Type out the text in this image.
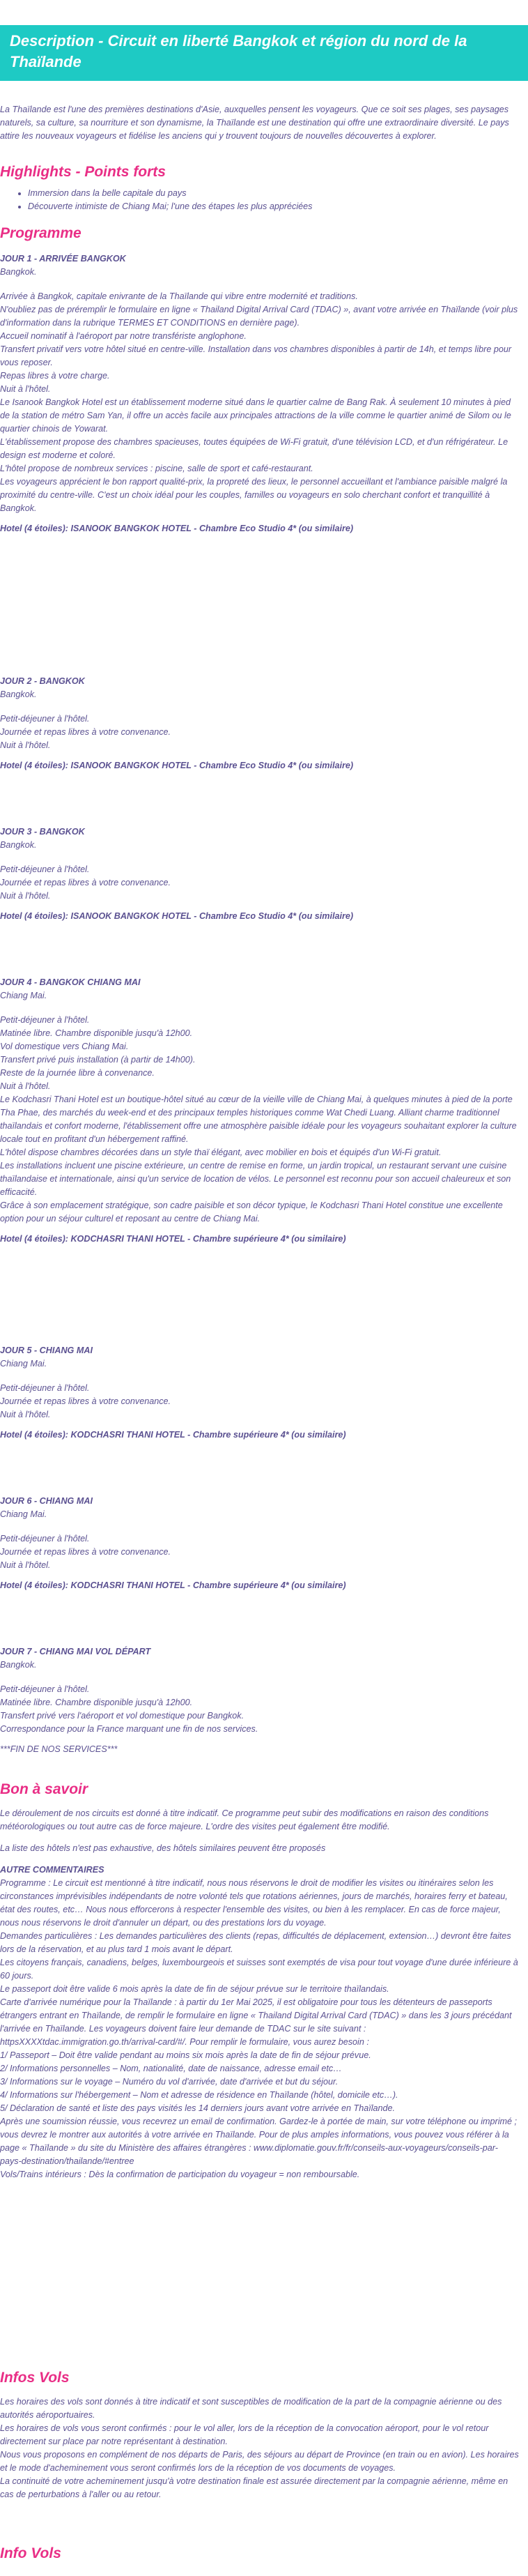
Description - Circuit en liberté Bangkok et région du nord de la Thaïlande

La Thaïlande est l'une des premières destinations d'Asie, auxquelles pensent les voyageurs. Que ce soit ses plages, ses paysages naturels, sa culture, sa nourriture et son dynamisme, la Thaïlande est une destination qui offre une extraordinaire diversité. Le pays attire les nouveaux voyageurs et fidélise les anciens qui y trouvent toujours de nouvelles découvertes à explorer.

Highlights - Points forts
• Immersion dans la belle capitale du pays
• Découverte intimiste de Chiang Mai; l'une des étapes les plus appréciées
Programme
JOUR 1 - ARRIVÉE BANGKOK
Bangkok.
Arrivée à Bangkok, capitale enivrante de la Thaïlande qui vibre entre modernité et traditions.
N'oubliez pas de préremplir le formulaire en ligne « Thailand Digital Arrival Card (TDAC) », avant votre arrivée en Thaïlande (voir plus d'information dans la rubrique TERMES ET CONDITIONS en dernière page).
Accueil nominatif à l'aéroport par notre transfériste anglophone.
Transfert privatif vers votre hôtel situé en centre-ville. Installation dans vos chambres disponibles à partir de 14h, et temps libre pour vous reposer.
Repas libres à votre charge.
Nuit à l'hôtel.
Le Isanook Bangkok Hotel est un établissement moderne situé dans le quartier calme de Bang Rak. À seulement 10 minutes à pied de la station de métro Sam Yan, il offre un accès facile aux principales attractions de la ville comme le quartier animé de Silom ou le quartier chinois de Yowarat.
L'établissement propose des chambres spacieuses, toutes équipées de Wi-Fi gratuit, d'une télévision LCD, et d'un réfrigérateur. Le design est moderne et coloré.
L'hôtel propose de nombreux services : piscine, salle de sport et café-restaurant.
Les voyageurs apprécient le bon rapport qualité-prix, la propreté des lieux, le personnel accueillant et l'ambiance paisible malgré la proximité du centre-ville. C'est un choix idéal pour les couples, familles ou voyageurs en solo cherchant confort et tranquillité à Bangkok.
Hotel (4 étoiles): ISANOOK BANGKOK HOTEL - Chambre Eco Studio 4* (ou similaire)
JOUR 2 - BANGKOK
Bangkok.
Petit-déjeuner à l'hôtel.
Journée et repas libres à votre convenance.
Nuit à l'hôtel.
Hotel (4 étoiles): ISANOOK BANGKOK HOTEL - Chambre Eco Studio 4* (ou similaire)
JOUR 3 - BANGKOK
Bangkok.
Petit-déjeuner à l'hôtel.
Journée et repas libres à votre convenance.
Nuit à l'hôtel.
Hotel (4 étoiles): ISANOOK BANGKOK HOTEL - Chambre Eco Studio 4* (ou similaire)
JOUR 4 - BANGKOK CHIANG MAI
Chiang Mai.
Petit-déjeuner à l'hôtel.
Matinée libre. Chambre disponible jusqu'à 12h00.
Vol domestique vers Chiang Mai.
Transfert privé puis installation (à partir de 14h00).
Reste de la journée libre à convenance.
Nuit à l'hôtel.
Le Kodchasri Thani Hotel est un boutique-hôtel situé au cœur de la vieille ville de Chiang Mai, à quelques minutes à pied de la porte Tha Phae, des marchés du week-end et des principaux temples historiques comme Wat Chedi Luang. Alliant charme traditionnel thaïlandais et confort moderne, l'établissement offre une atmosphère paisible idéale pour les voyageurs souhaitant explorer la culture locale tout en profitant d'un hébergement raffiné.
L'hôtel dispose chambres décorées dans un style thaï élégant, avec mobilier en bois et équipés d'un Wi-Fi gratuit.
Les installations incluent une piscine extérieure, un centre de remise en forme, un jardin tropical, un restaurant servant une cuisine thaïlandaise et internationale, ainsi qu'un service de location de vélos. Le personnel est reconnu pour son accueil chaleureux et son efficacité.
Grâce à son emplacement stratégique, son cadre paisible et son décor typique, le Kodchasri Thani Hotel constitue une excellente option pour un séjour culturel et reposant au centre de Chiang Mai.
Hotel (4 étoiles): KODCHASRI THANI HOTEL - Chambre supérieure 4* (ou similaire)
JOUR 5 - CHIANG MAI
Chiang Mai.
Petit-déjeuner à l'hôtel.
Journée et repas libres à votre convenance.
Nuit à l'hôtel.
Hotel (4 étoiles): KODCHASRI THANI HOTEL - Chambre supérieure 4* (ou similaire)
JOUR 6 - CHIANG MAI
Chiang Mai.
Petit-déjeuner à l'hôtel.
Journée et repas libres à votre convenance.
Nuit à l'hôtel.
Hotel (4 étoiles): KODCHASRI THANI HOTEL - Chambre supérieure 4* (ou similaire)
JOUR 7 - CHIANG MAI VOL DÉPART
Bangkok.
Petit-déjeuner à l'hôtel.
Matinée libre. Chambre disponible jusqu'à 12h00.
Transfert privé vers l'aéroport et vol domestique pour Bangkok.
Correspondance pour la France marquant une fin de nos services.
***FIN DE NOS SERVICES***
Bon à savoir
Le déroulement de nos circuits est donné à titre indicatif. Ce programme peut subir des modifications en raison des conditions météorologiques ou tout autre cas de force majeure. L'ordre des visites peut également être modifié.
La liste des hôtels n'est pas exhaustive, des hôtels similaires peuvent être proposés
AUTRE COMMENTAIRES
Programme : Le circuit est mentionné à titre indicatif, nous nous réservons le droit de modifier les visites ou itinéraires selon les circonstances imprévisibles indépendants de notre volonté tels que rotations aériennes, jours de marchés, horaires ferry et bateau, état des routes, etc… Nous nous efforcerons à respecter l'ensemble des visites, ou bien à les remplacer. En cas de force majeur, nous nous réservons le droit d'annuler un départ, ou des prestations lors du voyage.
Demandes particulières : Les demandes particulières des clients (repas, difficultés de déplacement, extension…) devront être faites lors de la réservation, et au plus tard 1 mois avant le départ.
Les citoyens français, canadiens, belges, luxembourgeois et suisses sont exemptés de visa pour tout voyage d'une durée inférieure à 60 jours.
Le passeport doit être valide 6 mois après la date de fin de séjour prévue sur le territoire thaïlandais.
Carte d'arrivée numérique pour la Thaïlande : à partir du 1er Mai 2025, il est obligatoire pour tous les détenteurs de passeports étrangers entrant en Thaïlande, de remplir le formulaire en ligne « Thailand Digital Arrival Card (TDAC) » dans les 3 jours précédant l'arrivée en Thaïlande. Les voyageurs doivent faire leur demande de TDAC sur le site suivant : httpsXXXXtdac.immigration.go.th/arrival-card/#/. Pour remplir le formulaire, vous aurez besoin :
1/ Passeport – Doit être valide pendant au moins six mois après la date de fin de séjour prévue.
2/ Informations personnelles – Nom, nationalité, date de naissance, adresse email etc…
3/ Informations sur le voyage – Numéro du vol d'arrivée, date d'arrivée et but du séjour.
4/ Informations sur l'hébergement – Nom et adresse de résidence en Thaïlande (hôtel, domicile etc…).
5/ Déclaration de santé et liste des pays visités les 14 derniers jours avant votre arrivée en Thaïlande.
Après une soumission réussie, vous recevrez un email de confirmation. Gardez-le à portée de main, sur votre téléphone ou imprimé ; vous devrez le montrer aux autorités à votre arrivée en Thaïlande. Pour de plus amples informations, vous pouvez vous référer à la page « Thaïlande » du site du Ministère des affaires étrangères : www.diplomatie.gouv.fr/fr/conseils-aux-voyageurs/conseils-par-pays-destination/thailande/#entree
Vols/Trains intérieurs : Dès la confirmation de participation du voyageur = non remboursable.
Infos Vols
Les horaires des vols sont donnés à titre indicatif et sont susceptibles de modification de la part de la compagnie aérienne ou des autorités aéroportuaires.
Les horaires de vols vous seront confirmés : pour le vol aller, lors de la réception de la convocation aéroport, pour le vol retour directement sur place par notre représentant à destination.
Nous vous proposons en complément de nos départs de Paris, des séjours au départ de Province (en train ou en avion). Les horaires et le mode d'acheminement vous seront confirmés lors de la réception de vos documents de voyages.
La continuité de votre acheminement jusqu'à votre destination finale est assurée directement par la compagnie aérienne, même en cas de perturbations à l'aller ou au retour.
Info Vols
